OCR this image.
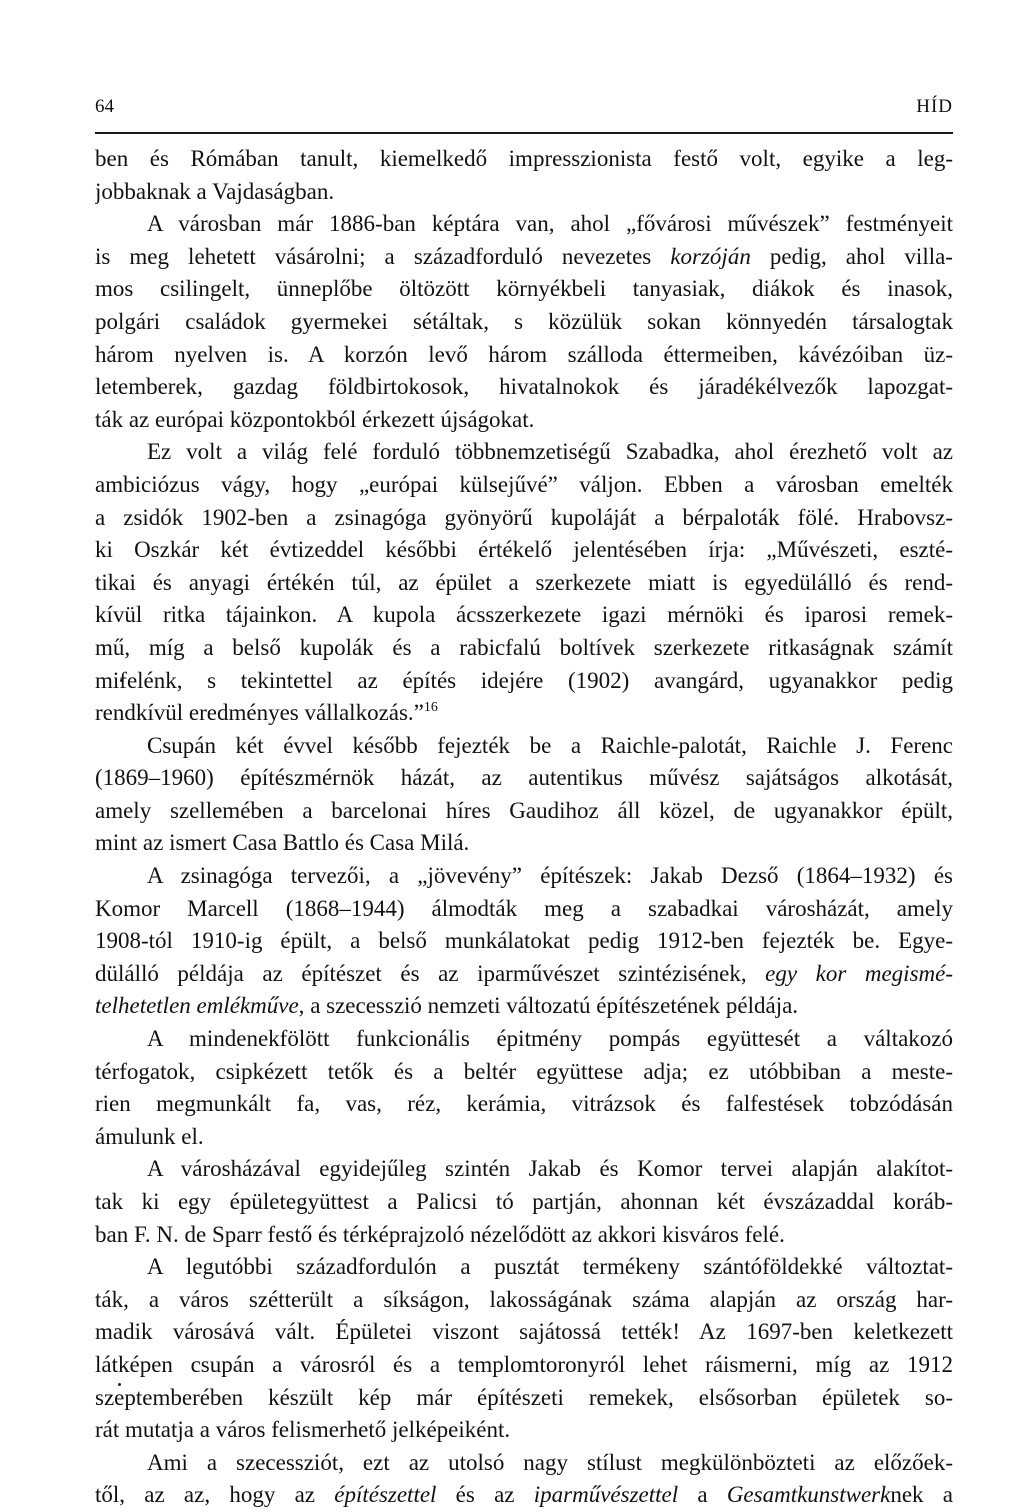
64	HÍD
ben és Rómában tanult, kiemelkedő impresszionista festő volt, egyike a leg-
jobbaknak a Vajdaságban.
A városban már 1886-ban képtára van, ahol „fővárosi művészek” festményeit
is meg lehetett vásárolni; a századforduló nevezetes korzóján pedig, ahol villa-
mos csilingelt, ünneplőbe öltözött környékbeli tanyasiak, diákok és inasok,
polgári családok gyermekei sétáltak, s közülük sokan könnyedén társalogtak
három nyelven is. A korzón levő három szálloda éttermeiben, kávézóiban üz-
letemberek, gazdag földbirtokosok, hivatalnokok és járadékélvezők lapozgat-
ták az európai központokból érkezett újságokat.
Ez volt a világ felé forduló többnemzetiségű Szabadka, ahol érezhető volt az
ambiciózus vágy, hogy „európai külsejűvé” váljon. Ebben a városban emelték
a zsidók 1902-ben a zsinagóga gyönyörű kupoláját a bérpaloták fölé. Hrabovsz-
ki Oszkár két évtizeddel későbbi értékelő jelentésében írja: „Művészeti, eszté-
tikai és anyagi értékén túl, az épület a szerkezete miatt is egyedülálló és rend-
kívül ritka tájainkon. A kupola ácsszerkezete igazi mérnöki és iparosi remek-
mű, míg a belső kupolák és a rabicfalú boltívek szerkezete ritkaságnak számít
mifelénk, s tekintettel az építés idejére (1902) avangárd, ugyanakkor pedig
rendkívül eredményes vállalkozás.”$^{16}$
Csupán két évvel később fejezték be a Raichle-palotát, Raichle J. Ferenc
(1869–1960) építészmérnök házát, az autentikus művész sajátságos alkotását,
amely szellemében a barcelonai híres Gaudihoz áll közel, de ugyanakkor épült,
mint az ismert Casa Battlo és Casa Milá.
A zsinagóga tervezői, a „jövevény” építészek: Jakab Dezső (1864–1932) és
Komor Marcell (1868–1944) álmodták meg a szabadkai városházát, amely
1908-tól 1910-ig épült, a belső munkálatokat pedig 1912-ben fejezték be. Egye-
dülálló példája az építészet és az iparművészet szintézisének, egy kor megismé-
telhetetlen emlékműve, a szecesszió nemzeti változatú építészetének példája.
A mindenekfölött funkcionális épitmény pompás együttesét a váltakozó
térfogatok, csipkézett tetők és a beltér együttese adja; ez utóbbiban a meste-
rien megmunkált fa, vas, réz, kerámia, vitrázsok és falfestések tobzódásán
ámulunk el.
A városházával egyidejűleg szintén Jakab és Komor tervei alapján alakítot-
tak ki egy épületegyüttest a Palicsi tó partján, ahonnan két évszázaddal koráb-
ban F. N. de Sparr festő és térképrajzoló nézelődött az akkori kisváros felé.
A legutóbbi századfordulón a pusztát termékeny szántóföldekké változtat-
ták, a város szétterült a síkságon, lakosságának száma alapján az ország har-
madik városává vált. Épületei viszont sajátossá tették! Az 1697-ben keletkezett
látképen csupán a városról és a templomtoronyról lehet ráismerni, míg az 1912
szeptemberében készült kép már építészeti remekek, elsősorban épületek so-
rát mutatja a város felismerhető jelképeiként.
Ami a szecessziót, ezt az utolsó nagy stílust megkülönbözteti az előzőek-
től, az az, hogy az építészettel és az iparművészettel a Gesamtkunstwerknek a
